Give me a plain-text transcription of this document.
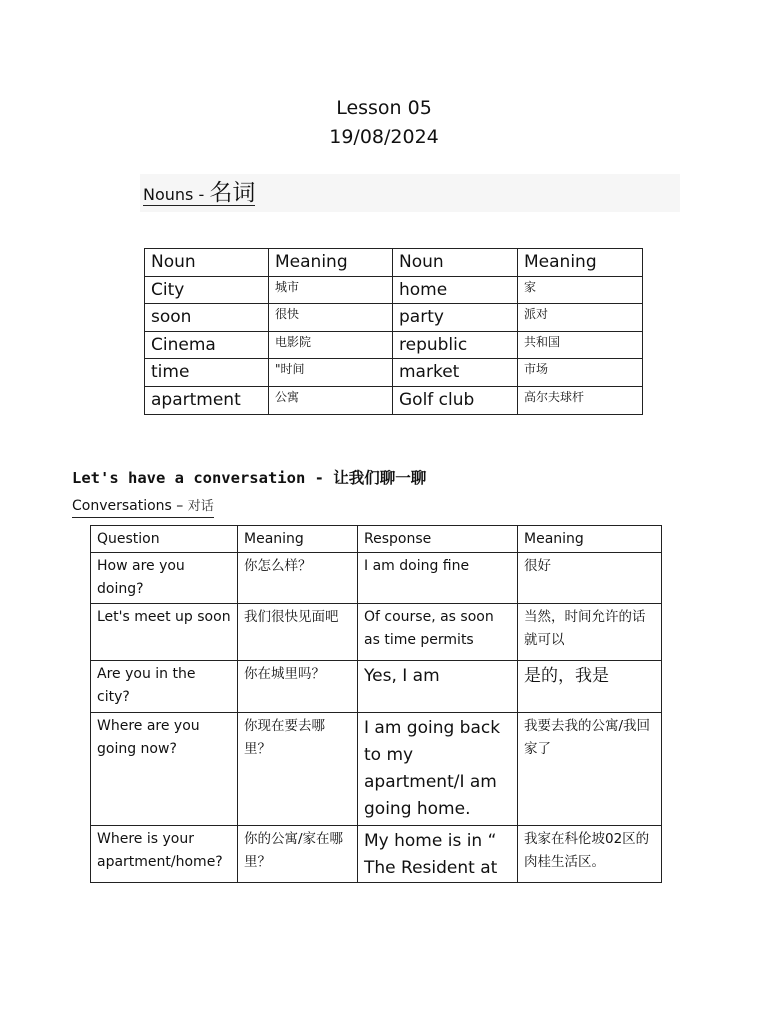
Lesson 05
19/08/2024
Nouns - 名词
Noun	Meaning	Noun	Meaning
City	城市	home	家
soon	很快	party	派对
Cinema	电影院	republic	共和国
time	"时间	market	市场
apartment	公寓	Golf club	高尔夫球杆
Let's have a conversation - 让我们聊一聊
Conversations – 对话
Question	Meaning	Response	Meaning
How are you doing?	你怎么样？	I am doing fine	很好
Let's meet up soon	我们很快见面吧	Of course, as soon as time permits	当然，时间允许的话就可以
Are you in the city?	你在城里吗？	Yes, I am	是的，我是
Where are you going now?	你现在要去哪里？	I am going back to my apartment/I am going home.	我要去我的公寓/我回家了
Where is your apartment/home?	你的公寓/家在哪里？	My home is in “ The Resident at	我家在科伦坡02区的肉桂生活区。
